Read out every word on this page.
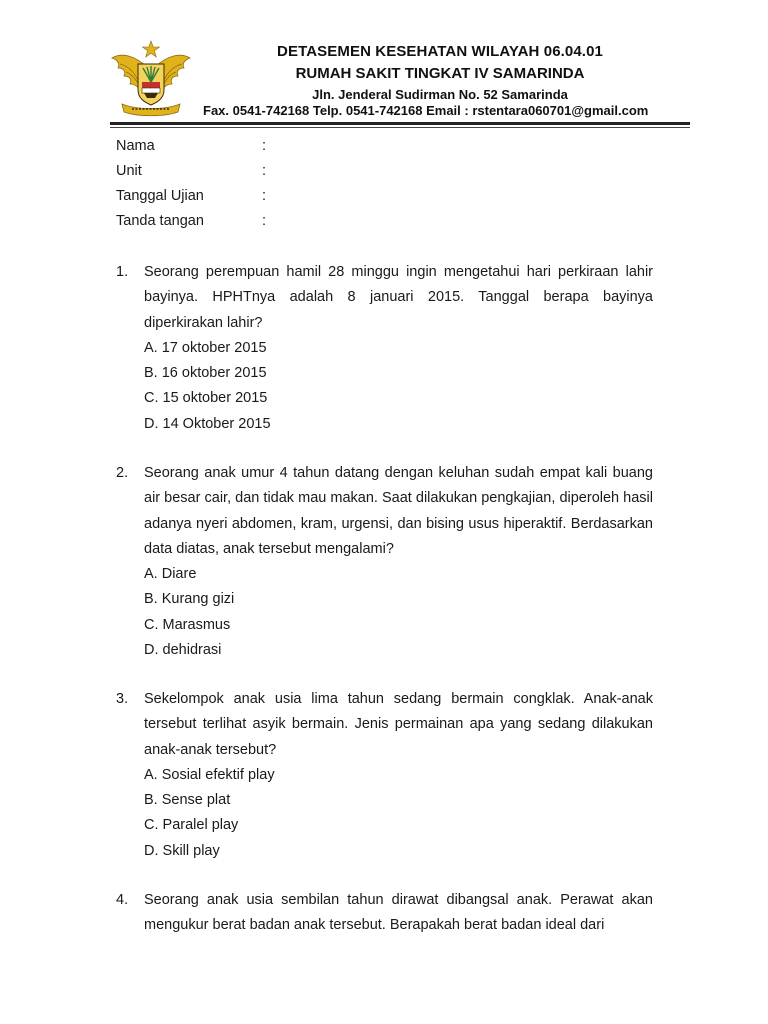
DETASEMEN KESEHATAN WILAYAH 06.04.01
RUMAH SAKIT TINGKAT IV SAMARINDA
Jln. Jenderal Sudirman No. 52 Samarinda
Fax. 0541-742168 Telp. 0541-742168 Email : rstentara060701@gmail.com
Nama	:
Unit	:
Tanggal Ujian	:
Tanda tangan	:
1. Seorang perempuan hamil 28 minggu ingin mengetahui hari perkiraan lahir bayinya. HPHTnya adalah 8 januari 2015. Tanggal berapa bayinya diperkirakan lahir?
A. 17 oktober 2015
B. 16 oktober 2015
C. 15 oktober 2015
D. 14 Oktober 2015
2. Seorang anak umur 4 tahun datang dengan keluhan sudah empat kali buang air besar cair, dan tidak mau makan. Saat dilakukan pengkajian, diperoleh hasil adanya nyeri abdomen, kram, urgensi, dan bising usus hiperaktif. Berdasarkan data diatas, anak tersebut mengalami?
A. Diare
B. Kurang gizi
C. Marasmus
D. dehidrasi
3. Sekelompok anak usia lima tahun sedang bermain congklak. Anak-anak tersebut terlihat asyik bermain. Jenis permainan apa yang sedang dilakukan anak-anak tersebut?
A. Sosial efektif play
B. Sense plat
C. Paralel play
D. Skill play
4. Seorang anak usia sembilan tahun dirawat dibangsal anak. Perawat akan mengukur berat badan anak tersebut. Berapakah berat badan ideal dari
